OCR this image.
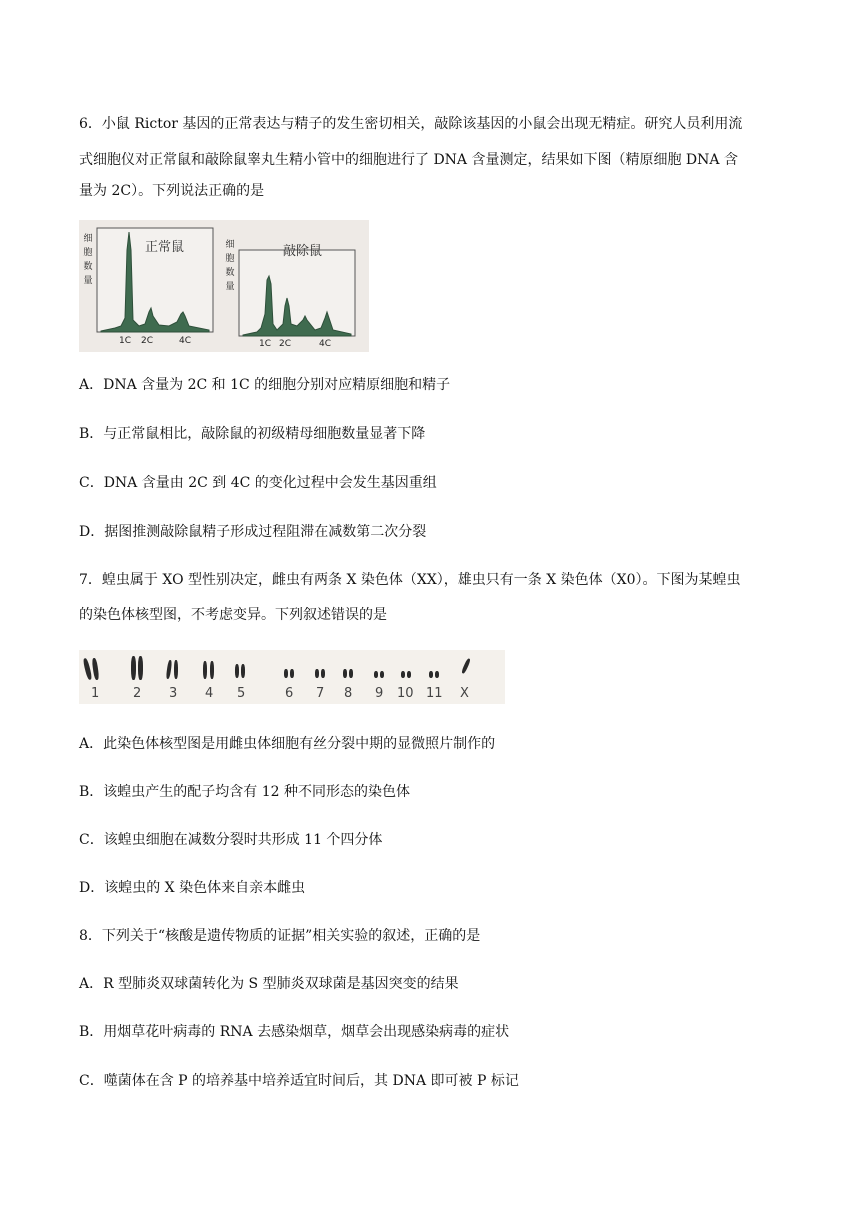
6．小鼠 Rictor 基因的正常表达与精子的发生密切相关，敲除该基因的小鼠会出现无精症。研究人员利用流
式细胞仪对正常鼠和敲除鼠睾丸生精小管中的细胞进行了 DNA 含量测定，结果如下图（精原细胞 DNA 含
量为 2C）。下列说法正确的是
细
胞
数
量
细
胞
数
量
正常鼠	敲除鼠
1C 2C	4C	1C 2C	4C
A．DNA 含量为 2C 和 1C 的细胞分别对应精原细胞和精子
B．与正常鼠相比，敲除鼠的初级精母细胞数量显著下降
C．DNA 含量由 2C 到 4C 的变化过程中会发生基因重组
D．据图推测敲除鼠精子形成过程阻滞在减数第二次分裂
7．蝗虫属于 XO 型性别决定，雌虫有两条 X 染色体（XX），雄虫只有一条 X 染色体（X0）。下图为某蝗虫
的染色体核型图，不考虑变异。下列叙述错误的是
1	2 3 4 5	6 7 8 9 10 11 X
A．此染色体核型图是用雌虫体细胞有丝分裂中期的显微照片制作的
B．该蝗虫产生的配子均含有 12 种不同形态的染色体
C．该蝗虫细胞在减数分裂时共形成 11 个四分体
D．该蝗虫的 X 染色体来自亲本雌虫
8．下列关于“核酸是遗传物质的证据”相关实验的叙述，正确的是
A．R 型肺炎双球菌转化为 S 型肺炎双球菌是基因突变的结果
B．用烟草花叶病毒的 RNA 去感染烟草，烟草会出现感染病毒的症状
C．噬菌体在含 P 的培养基中培养适宜时间后，其 DNA 即可被 P 标记
